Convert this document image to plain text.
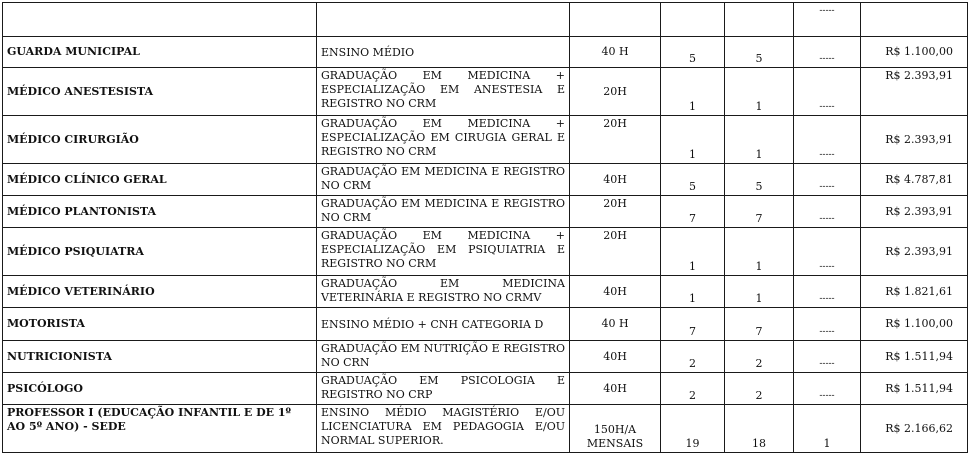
					-----	
GUARDA MUNICIPAL	ENSINO MÉDIO	40 H	5	5	-----	R$ 1.100,00
MÉDICO ANESTESISTA	GRADUAÇÃO EM MEDICINA + ESPECIALIZAÇÃO EM ANESTESIA E REGISTRO NO CRM	20H	1	1	-----	R$ 2.393,91
MÉDICO CIRURGIÃO	GRADUAÇÃO EM MEDICINA + ESPECIALIZAÇÃO EM CIRUGIA GERAL E REGISTRO NO CRM	20H	1	1	-----	R$ 2.393,91
MÉDICO CLÍNICO GERAL	GRADUAÇÃO EM MEDICINA E REGISTRO NO CRM	40H	5	5	-----	R$ 4.787,81
MÉDICO PLANTONISTA	GRADUAÇÃO EM MEDICINA E REGISTRO NO CRM	20H	7	7	-----	R$ 2.393,91
MÉDICO PSIQUIATRA	GRADUAÇÃO EM MEDICINA + ESPECIALIZAÇÃO EM PSIQUIATRIA E REGISTRO NO CRM	20H	1	1	-----	R$ 2.393,91
MÉDICO VETERINÁRIO	GRADUAÇÃO EM MEDICINA VETERINÁRIA E REGISTRO NO CRMV	40H	1	1	-----	R$ 1.821,61
MOTORISTA	ENSINO MÉDIO + CNH CATEGORIA D	40 H	7	7	-----	R$ 1.100,00
NUTRICIONISTA	GRADUAÇÃO EM NUTRIÇÃO E REGISTRO NO CRN	40H	2	2	-----	R$ 1.511,94
PSICÓLOGO	GRADUAÇÃO EM PSICOLOGIA E REGISTRO NO CRP	40H	2	2	-----	R$ 1.511,94
PROFESSOR I (EDUCAÇÃO INFANTIL E DE 1º AO 5º ANO) - SEDE	ENSINO MÉDIO MAGISTÉRIO E/OU LICENCIATURA EM PEDAGOGIA E/OU NORMAL SUPERIOR.	150H/A MENSAIS	19	18	1	R$ 2.166,62
